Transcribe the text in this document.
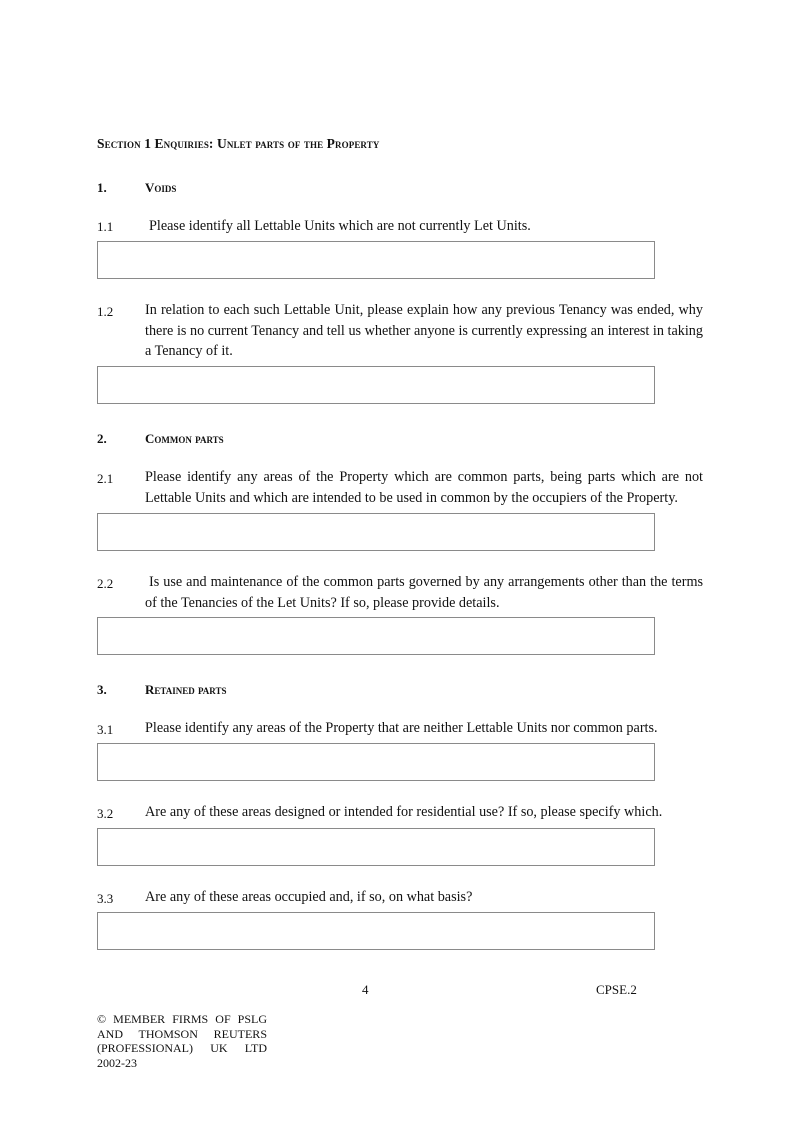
Section 1 Enquiries: Unlet parts of the Property
1.	Voids
1.1	Please identify all Lettable Units which are not currently Let Units.
1.2 In relation to each such Lettable Unit, please explain how any previous Tenancy was ended, why there is no current Tenancy and tell us whether anyone is currently expressing an interest in taking a Tenancy of it.
2.	Common parts
2.1 Please identify any areas of the Property which are common parts, being parts which are not Lettable Units and which are intended to be used in common by the occupiers of the Property.
2.2	Is use and maintenance of the common parts governed by any arrangements other than the terms of the Tenancies of the Let Units? If so, please provide details.
3.	Retained parts
3.1 Please identify any areas of the Property that are neither Lettable Units nor common parts.
3.2 Are any of these areas designed or intended for residential use? If so, please specify which.
3.3 Are any of these areas occupied and, if so, on what basis?
4	CPSE.2
© MEMBER FIRMS OF PSLG
AND THOMSON REUTERS
(PROFESSIONAL) UK LTD
2002-23
